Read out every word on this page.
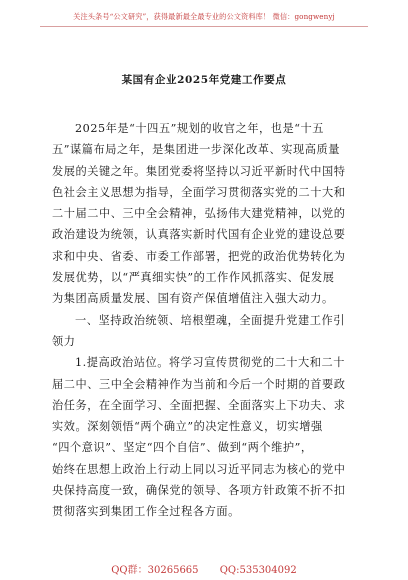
关注头条号“公文研究”，获得最新最全最专业的公文资料库！ 微信：gongwenyj
某国有企业2025年党建工作要点
2025年是“十四五”规划的收官之年，也是“十五
五”谋篇布局之年，是集团进一步深化改革、实现高质量
发展的关键之年。集团党委将坚持以习近平新时代中国特
色社会主义思想为指导，全面学习贯彻落实党的二十大和
二十届二中、三中全会精神，弘扬伟大建党精神，以党的
政治建设为统领，认真落实新时代国有企业党的建设总要
求和中央、省委、市委工作部署，把党的政治优势转化为
发展优势，以“严真细实快”的工作作风抓落实、促发展
为集团高质量发展、国有资产保值增值注入强大动力。
一、坚持政治统领、培根塑魂，全面提升党建工作引
领力
1.提高政治站位。将学习宣传贯彻党的二十大和二十
届二中、三中全会精神作为当前和今后一个时期的首要政
治任务，在全面学习、全面把握、全面落实上下功夫、求
实效。深刻领悟“两个确立”的决定性意义，切实增强
“四个意识”、坚定“四个自信”、做到“两个维护”，
始终在思想上政治上行动上同以习近平同志为核心的党中
央保持高度一致，确保党的领导、各项方针政策不折不扣
贯彻落实到集团工作全过程各方面。
QQ群：30265665 QQ:535304092
